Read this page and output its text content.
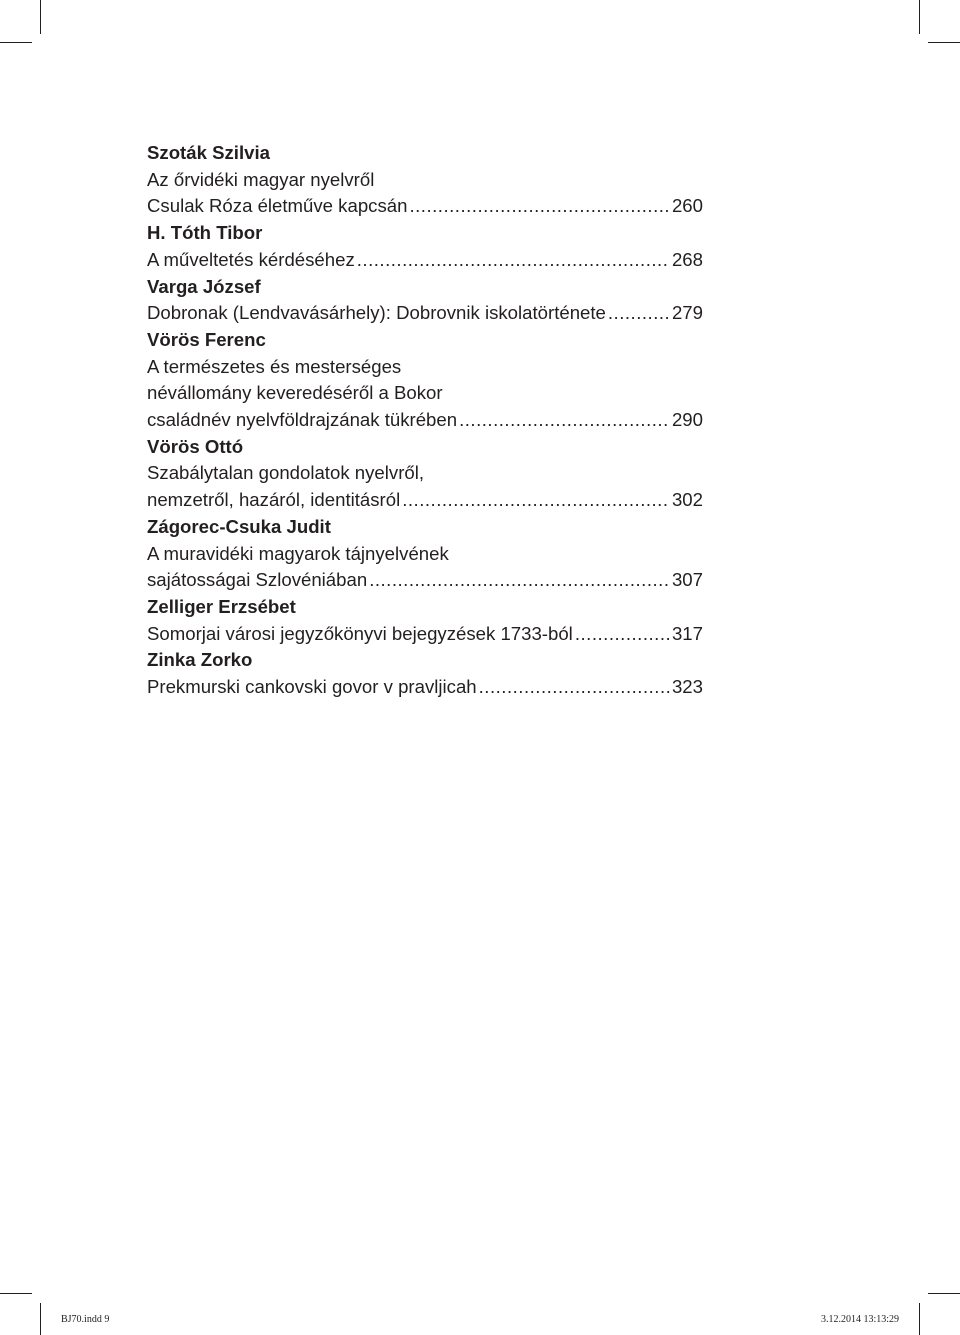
Szoták Szilvia
Az őrvidéki magyar nyelvről
Csulak Róza életműve kapcsán .....	260
H. Tóth Tibor
A műveltetés kérdéséhez .....	268
Varga József
Dobronak (Lendvavásárhely): Dobrovnik iskolatörténete .....	279
Vörös Ferenc
A természetes és mesterséges
névállomány keveredéséről a Bokor
családnév nyelvföldrajzának tükrében .....	290
Vörös Ottó
Szabálytalan gondolatok nyelvről,
nemzetről, hazáról, identitásról .....	302
Zágorec-Csuka Judit
A muravidéki magyarok tájnyelvének
sajátosságai Szlovéniában .....	307
Zelliger Erzsébet
Somorjai városi jegyzőkönyvi bejegyzések 1733-ból .....	317
Zinka Zorko
Prekmurski cankovski govor v pravljicah .....	323
BJ70.indd 9	3.12.2014 13:13:29
